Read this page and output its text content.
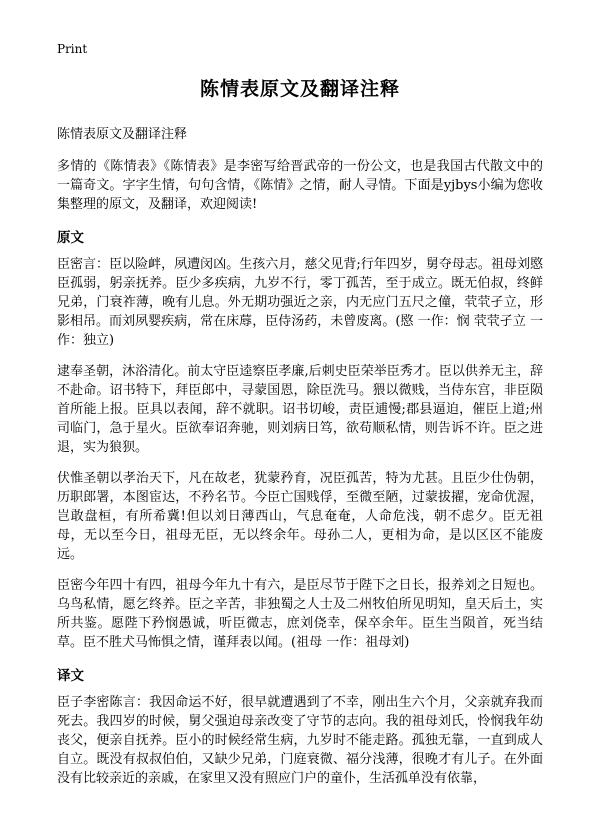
Print
陈情表原文及翻译注释
陈情表原文及翻译注释

多情的《陈情表》《陈情表》是李密写给晋武帝的一份公文，也是我国古代散文中的一篇奇文。字字生情，句句含情，《陈情》之情，耐人寻情。下面是yjbys小编为您收集整理的原文，及翻译，欢迎阅读!

原文

臣密言：臣以险衅，夙遭闵凶。生孩六月，慈父见背;行年四岁，舅夺母志。祖母刘愍臣孤弱，躬亲抚养。臣少多疾病，九岁不行，零丁孤苦，至于成立。既无伯叔，终鲜兄弟，门衰祚薄，晚有儿息。外无期功强近之亲，内无应门五尺之僮，茕茕孑立，形影相吊。而刘夙婴疾病，常在床蓐，臣侍汤药，未曾废离。(愍 一作：悯 茕茕孑立 一作：独立)

逮奉圣朝，沐浴清化。前太守臣逵察臣孝廉,后刺史臣荣举臣秀才。臣以供养无主，辞不赴命。诏书特下，拜臣郎中，寻蒙国恩，除臣洗马。猥以微贱，当侍东宫，非臣陨首所能上报。臣具以表闻，辞不就职。诏书切峻，责臣逋慢;郡县逼迫，催臣上道;州司临门，急于星火。臣欲奉诏奔驰，则刘病日笃，欲苟顺私情，则告诉不许。臣之进退，实为狼狈。

伏惟圣朝以孝治天下，凡在故老，犹蒙矜育，况臣孤苦，特为尤甚。且臣少仕伪朝，历职郎署，本图宦达，不矜名节。今臣亡国贱俘，至微至陋，过蒙拔擢，宠命优渥，岂敢盘桓，有所希冀!但以刘日薄西山，气息奄奄，人命危浅，朝不虑夕。臣无祖母，无以至今日，祖母无臣，无以终余年。母孙二人，更相为命，是以区区不能废远。

臣密今年四十有四，祖母今年九十有六，是臣尽节于陛下之日长，报养刘之日短也。乌鸟私情，愿乞终养。臣之辛苦，非独蜀之人士及二州牧伯所见明知，皇天后土，实所共鉴。愿陛下矜悯愚诚，听臣微志，庶刘侥幸，保卒余年。臣生当陨首，死当结草。臣不胜犬马怖惧之情，谨拜表以闻。(祖母 一作：祖母刘)

译文

臣子李密陈言：我因命运不好，很早就遭遇到了不幸，刚出生六个月，父亲就弃我而死去。我四岁的时候，舅父强迫母亲改变了守节的志向。我的祖母刘氏，怜悯我年幼丧父，便亲自抚养。臣小的时候经常生病，九岁时不能走路。孤独无靠，一直到成人自立。既没有叔叔伯伯，又缺少兄弟，门庭衰微、福分浅薄，很晚才有儿子。在外面没有比较亲近的亲戚，在家里又没有照应门户的童仆，生活孤单没有依靠，
